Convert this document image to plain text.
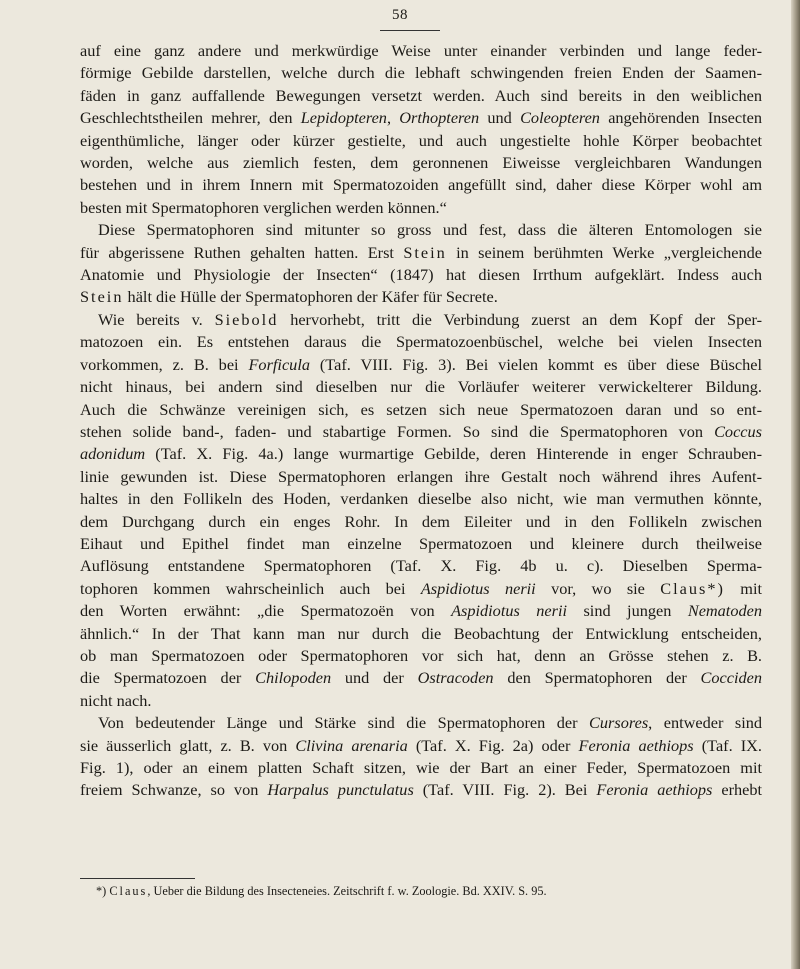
58
auf eine ganz andere und merkwürdige Weise unter einander verbinden und lange feder-
förmige Gebilde darstellen, welche durch die lebhaft schwingenden freien Enden der Saamen-
fäden in ganz auffallende Bewegungen versetzt werden. Auch sind bereits in den weiblichen
Geschlechtstheilen mehrer, den Lepidopteren, Orthopteren und Coleopteren angehörenden Insecten
eigenthümliche, länger oder kürzer gestielte, und auch ungestielte hohle Körper beobachtet
worden, welche aus ziemlich festen, dem geronnenen Eiweisse vergleichbaren Wandungen
bestehen und in ihrem Innern mit Spermatozoiden angefüllt sind, daher diese Körper wohl am
besten mit Spermatophoren verglichen werden können.“
Diese Spermatophoren sind mitunter so gross und fest, dass die älteren Entomologen sie
für abgerissene Ruthen gehalten hatten. Erst Stein in seinem berühmten Werke „vergleichende
Anatomie und Physiologie der Insecten“ (1847) hat diesen Irrthum aufgeklärt. Indess auch
Stein hält die Hülle der Spermatophoren der Käfer für Secrete.
Wie bereits v. Siebold hervorhebt, tritt die Verbindung zuerst an dem Kopf der Sper-
matozoen ein. Es entstehen daraus die Spermatozoenbüschel, welche bei vielen Insecten
vorkommen, z. B. bei Forficula (Taf. VIII. Fig. 3). Bei vielen kommt es über diese Büschel
nicht hinaus, bei andern sind dieselben nur die Vorläufer weiterer verwickelterer Bildung.
Auch die Schwänze vereinigen sich, es setzen sich neue Spermatozoen daran und so ent-
stehen solide band-, faden- und stabartige Formen. So sind die Spermatophoren von Coccus
adonidum (Taf. X. Fig. 4a.) lange wurmartige Gebilde, deren Hinterende in enger Schrauben-
linie gewunden ist. Diese Spermatophoren erlangen ihre Gestalt noch während ihres Aufent-
haltes in den Follikeln des Hoden, verdanken dieselbe also nicht, wie man vermuthen könnte,
dem Durchgang durch ein enges Rohr. In dem Eileiter und in den Follikeln zwischen
Eihaut und Epithel findet man einzelne Spermatozoen und kleinere durch theilweise
Auflösung entstandene Spermatophoren (Taf. X. Fig. 4b u. c). Dieselben Sperma-
tophoren kommen wahrscheinlich auch bei Aspidiotus nerii vor, wo sie Claus*) mit
den Worten erwähnt: „die Spermatozoën von Aspidiotus nerii sind jungen Nematoden
ähnlich.“ In der That kann man nur durch die Beobachtung der Entwicklung entscheiden,
ob man Spermatozoen oder Spermatophoren vor sich hat, denn an Grösse stehen z. B.
die Spermatozoen der Chilopoden und der Ostracoden den Spermatophoren der Cocciden
nicht nach.
Von bedeutender Länge und Stärke sind die Spermatophoren der Cursores, entweder sind
sie äusserlich glatt, z. B. von Clivina arenaria (Taf. X. Fig. 2a) oder Feronia aethiops (Taf. IX.
Fig. 1), oder an einem platten Schaft sitzen, wie der Bart an einer Feder, Spermatozoen mit
freiem Schwanze, so von Harpalus punctulatus (Taf. VIII. Fig. 2). Bei Feronia aethiops erhebt
*) Claus, Ueber die Bildung des Insecteneies. Zeitschrift f. w. Zoologie. Bd. XXIV. S. 95.
